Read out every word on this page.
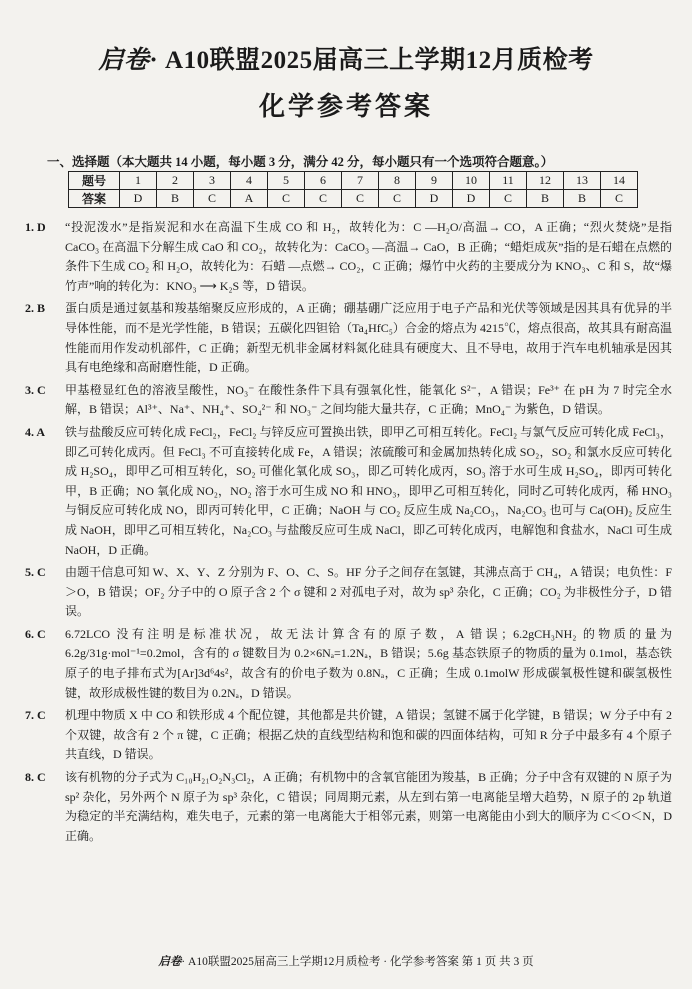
启卷· A10联盟2025届高三上学期12月质检考
化学参考答案
一、选择题（本大题共 14 小题，每小题 3 分，满分 42 分，每小题只有一个选项符合题意。）
题号	1	2	3	4	5	6	7	8	9	10	11	12	13	14
答案	D	B	C	A	C	C	C	C	D	D	C	B	B	C
1. D	“投泥泼水”是指炭泥和水在高温下生成 CO 和 H₂，故转化为：C —H₂O/高温→ CO，A 正确；“烈火焚烧”是指 CaCO₃ 在高温下分解生成 CaO 和 CO₂，故转化为：CaCO₃ —高温→ CaO，B 正确；“蜡炬成灰”指的是石蜡在点燃的条件下生成 CO₂ 和 H₂O，故转化为：石蜡 —点燃→ CO₂，C 正确；爆竹中火药的主要成分为 KNO₃、C 和 S，故“爆竹声”响的转化为：KNO₃ ⟶ K₂S 等，D 错误。
2. B	蛋白质是通过氨基和羧基缩聚反应形成的，A 正确；硼基硼广泛应用于电子产品和光伏等领域是因其具有优异的半导体性能，而不是光学性能，B 错误；五碳化四钽铪（Ta₄HfC₅）合金的熔点为 4215℃，熔点很高，故其具有耐高温性能而用作发动机部件，C 正确；新型无机非金属材料氮化硅具有硬度大、且不导电，故用于汽车电机轴承是因其具有电绝缘和高耐磨性能，D 正确。
3. C	甲基橙显红色的溶液呈酸性，NO₃⁻ 在酸性条件下具有强氧化性，能氧化 S²⁻，A 错误；Fe³⁺ 在 pH 为 7 时完全水解，B 错误；Al³⁺、Na⁺、NH₄⁺、SO₄²⁻ 和 NO₃⁻ 之间均能大量共存，C 正确；MnO₄⁻ 为紫色，D 错误。
4. A	铁与盐酸反应可转化成 FeCl₂，FeCl₂ 与锌反应可置换出铁，即甲乙可相互转化。FeCl₂ 与氯气反应可转化成 FeCl₃，即乙可转化成丙。但 FeCl₃ 不可直接转化成 Fe，A 错误；浓硫酸可和金属加热转化成 SO₂，SO₂ 和氯水反应可转化成 H₂SO₄，即甲乙可相互转化，SO₂ 可催化氧化成 SO₃，即乙可转化成丙，SO₃ 溶于水可生成 H₂SO₄，即丙可转化甲，B 正确；NO 氧化成 NO₂，NO₂ 溶于水可生成 NO 和 HNO₃，即甲乙可相互转化，同时乙可转化成丙，稀 HNO₃ 与铜反应可转化成 NO，即丙可转化甲，C 正确；NaOH 与 CO₂ 反应生成 Na₂CO₃，Na₂CO₃ 也可与 Ca(OH)₂ 反应生成 NaOH，即甲乙可相互转化，Na₂CO₃ 与盐酸反应可生成 NaCl，即乙可转化成丙，电解饱和食盐水，NaCl 可生成 NaOH，D 正确。
5. C	由题干信息可知 W、X、Y、Z 分别为 F、O、C、S。HF 分子之间存在氢键，其沸点高于 CH₄，A 错误；电负性：F＞O，B 错误；OF₂ 分子中的 O 原子含 2 个 σ 键和 2 对孤电子对，故为 sp³ 杂化，C 正确；CO₂ 为非极性分子，D 错误。
6. C	6.72LCO 没有注明是标准状况，故无法计算含有的原子数，A 错误；6.2gCH₃NH₂ 的物质的量为 6.2g/31g·mol⁻¹=0.2mol，含有的 σ 键数目为 0.2×6Nₐ=1.2Nₐ，B 错误；5.6g 基态铁原子的物质的量为 0.1mol，基态铁原子的电子排布式为[Ar]3d⁶4s²，故含有的价电子数为 0.8Nₐ，C 正确；生成 0.1molW 形成碳氧极性键和碳氢极性键，故形成极性键的数目为 0.2Nₐ，D 错误。
7. C	机理中物质 X 中 CO 和铁形成 4 个配位键，其他都是共价键，A 错误；氢键不属于化学键，B 错误；W 分子中有 2 个双键，故含有 2 个 π 键，C 正确；根据乙炔的直线型结构和饱和碳的四面体结构，可知 R 分子中最多有 4 个原子共直线，D 错误。
8. C	该有机物的分子式为 C₁₀H₂₁O₂N₃Cl₂，A 正确；有机物中的含氧官能团为羧基，B 正确；分子中含有双键的 N 原子为 sp² 杂化，另外两个 N 原子为 sp³ 杂化，C 错误；同周期元素，从左到右第一电离能呈增大趋势，N 原子的 2p 轨道为稳定的半充满结构，难失电子，元素的第一电离能大于相邻元素，则第一电离能由小到大的顺序为 C＜O＜N，D 正确。
启卷· A10联盟2025届高三上学期12月质检考 · 化学参考答案 第 1 页 共 3 页
